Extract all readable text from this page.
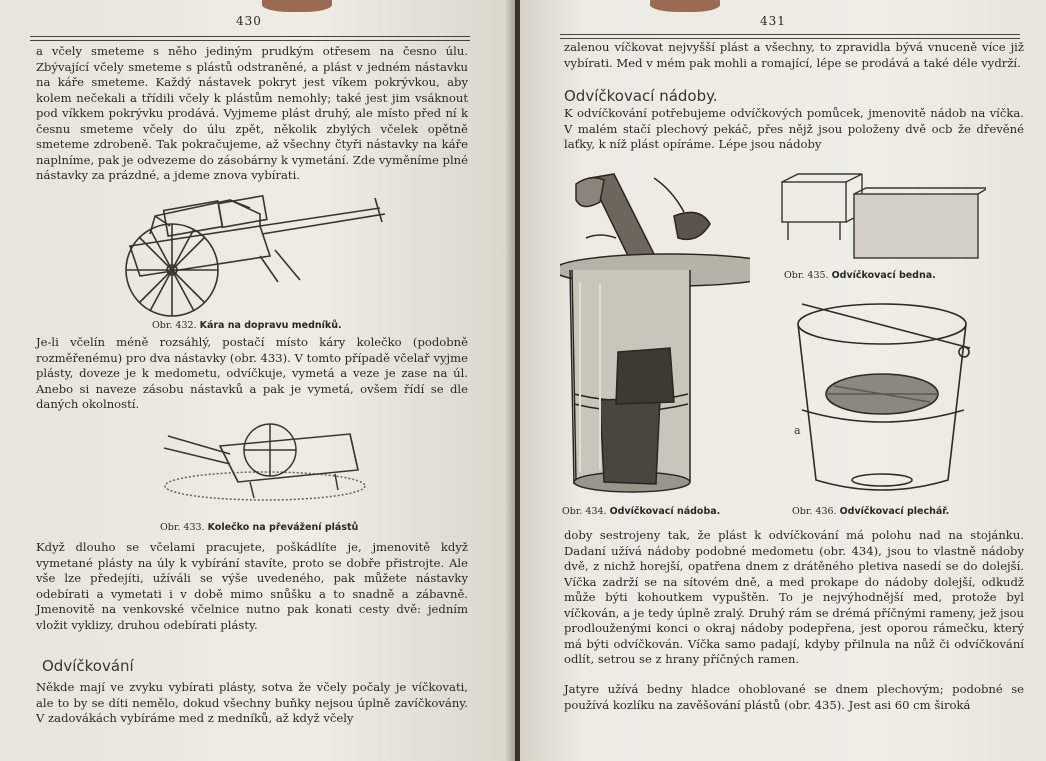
430
a včely smeteme s něho jediným prudkým otřesem na česno úlu. Zbývající včely smeteme s plástů odstraněné, a plást v jedném nástavku na káře smeteme. Každý nástavek pokryt jest víkem pokrývkou, aby kolem nečekali a třídili včely k plástům nemohly; také jest jim vsáknout pod víkkem pokrývku prodává. Vyjmeme plást druhý, ale místo před ní k česnu smeteme včely do úlu zpět, několik zbylých včelek opětně smeteme zdrobeně. Tak pokračujeme, až všechny čtyři nástavky na káře naplníme, pak je odvezeme do zásobárny k vymetání. Zde vyměníme plné nástavky za prázdné, a jdeme znova vybírati.
Obr. 432. Kára na dopravu medníků.
Je-li včelín méně rozsáhlý, postačí místo káry kolečko (podobně rozměřenému) pro dva nástavky (obr. 433). V tomto případě včelař vyjme plásty, doveze je k medometu, odvíčkuje, vymetá a veze je zase na úl. Anebo si naveze zásobu nástavků a pak je vymetá, ovšem řídí se dle daných okolností.
Obr. 433. Kolečko na převážení plástů
Když dlouho se včelami pracujete, poškádlíte je, jmenovitě když vymetané plásty na úly k vybírání stavíte, proto se dobře přistrojte. Ale vše lze předejíti, užíváli se výše uvedeného, pak můžete nástavky odebírati a vymetati i v době mimo snůšku a to snadně a zábavně. Jmenovitě na venkovské včelnice nutno pak konati cesty dvě: jedním vložit vyklizy, druhou odebírati plásty.
Odvíčkování
Někde mají ve zvyku vybírati plásty, sotva že včely počaly je víčkovati, ale to by se díti nemělo, dokud všechny buňky nejsou úplně zavíčkovány. V zadovákách vybíráme med z medníků, až když včely
431
zalenou víčkovat nejvyšší plást a všechny, to zpravidla bývá vnuceně více již vybírati. Med v mém pak mohli a romající, lépe se prodává a také déle vydrží.
Odvíčkovací nádoby.
K odvíčkování potřebujeme odvíčkových pomůcek, jmenovitě nádob na víčka. V malém stačí plechový pekáč, přes nějž jsou položeny dvě ocb že dřevěné laťky, k níž plást opíráme. Lépe jsou nádoby
Obr. 434. Odvíčkovací nádoba.
Obr. 435. Odvíčkovací bedna.
a
Obr. 436. Odvíčkovací plechář.
doby sestrojeny tak, že plást k odvíčkování má polohu nad na stojánku. Dadaní užívá nádoby podobné medometu (obr. 434), jsou to vlastně nádoby dvě, z nichž horejší, opatřena dnem z drátěného pletiva nasedí se do dolejší. Víčka zadrží se na sítovém dně, a med prokape do nádoby dolejší, odkudž může býti kohoutkem vypuštěn. To je nejvýhodnější med, protože byl víčkován, a je tedy úplně zralý. Druhý rám se drémá příčnými rameny, jež jsou prodlouženými konci o okraj nádoby podepřena, jest oporou rámečku, který má býti odvíčkován. Víčka samo padají, kdyby přilnula na nůž či odvíčkování odlít, setrou se z hrany příčných ramen.
Jatyre užívá bedny hladce ohoblované se dnem plechovým; podobné se používá kozlíku na zavěšování plástů (obr. 435). Jest asi 60 cm široká
